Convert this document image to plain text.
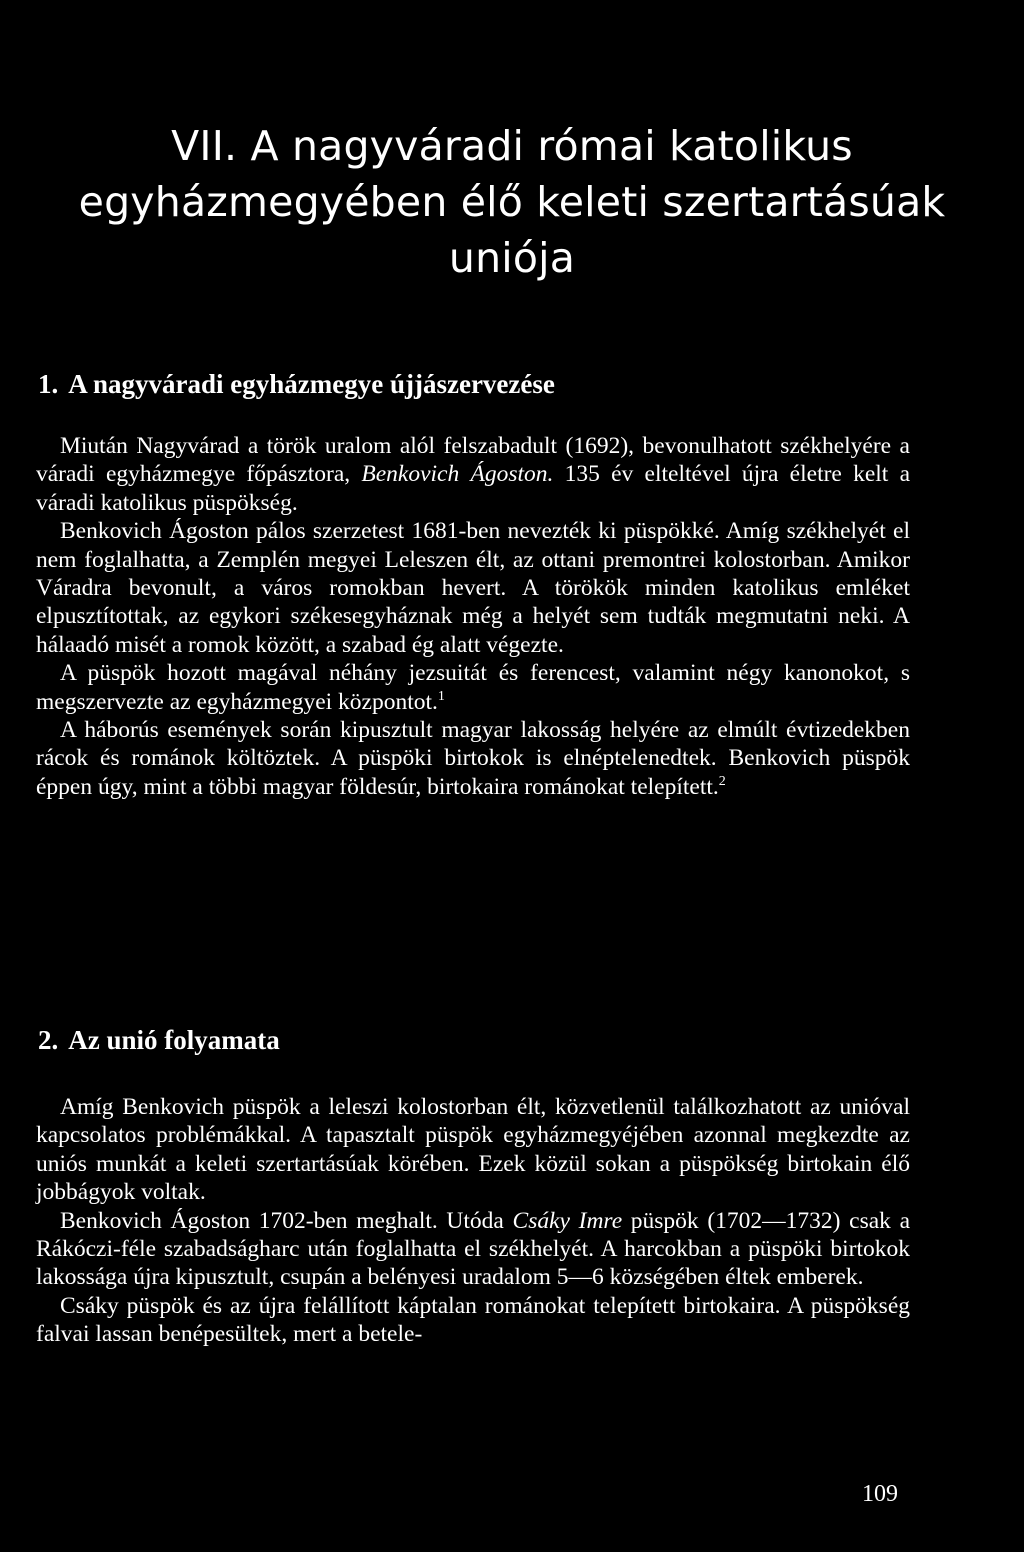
VII. A nagyváradi római katolikus
egyházmegyében élő keleti szertartásúak
uniója
1. A nagyváradi egyházmegye újjászervezése

Miután Nagyvárad a török uralom alól felszabadult (1692), bevonulhatott székhelyére a váradi egyházmegye főpásztora, Benkovich Ágoston. 135 év elteltével újra életre kelt a váradi katolikus püspökség.

Benkovich Ágoston pálos szerzetest 1681-ben nevezték ki püspökké. Amíg székhelyét el nem foglalhatta, a Zemplén megyei Leleszen élt, az ottani premontrei kolostorban. Amikor Váradra bevonult, a város romokban hevert. A törökök minden katolikus emléket elpusztítottak, az egykori székesegyháznak még a helyét sem tudták megmutatni neki. A hálaadó misét a romok között, a szabad ég alatt végezte.

A püspök hozott magával néhány jezsuitát és ferencest, valamint négy kanonokot, s megszervezte az egyházmegyei központot.$^1$

A háborús események során kipusztult magyar lakosság helyére az elmúlt évtizedekben rácok és románok költöztek. A püspöki birtokok is elnéptelenedtek. Benkovich püspök éppen úgy, mint a többi magyar földesúr, birtokaira románokat telepített.$^2$

2. Az unió folyamata

Amíg Benkovich püspök a leleszi kolostorban élt, közvetlenül találkozhatott az unióval kapcsolatos problémákkal. A tapasztalt püspök egyházmegyéjében azonnal megkezdte az uniós munkát a keleti szertartásúak körében. Ezek közül sokan a püspökség birtokain élő jobbágyok voltak.

Benkovich Ágoston 1702-ben meghalt. Utóda Csáky Imre püspök (1702—1732) csak a Rákóczi-féle szabadságharc után foglalhatta el székhelyét. A harcokban a püspöki birtokok lakossága újra kipusztult, csupán a belényesi uradalom 5—6 községében éltek emberek.

Csáky püspök és az újra felállított káptalan románokat telepített birtokaira. A püspökség falvai lassan benépesültek, mert a betele-

109
